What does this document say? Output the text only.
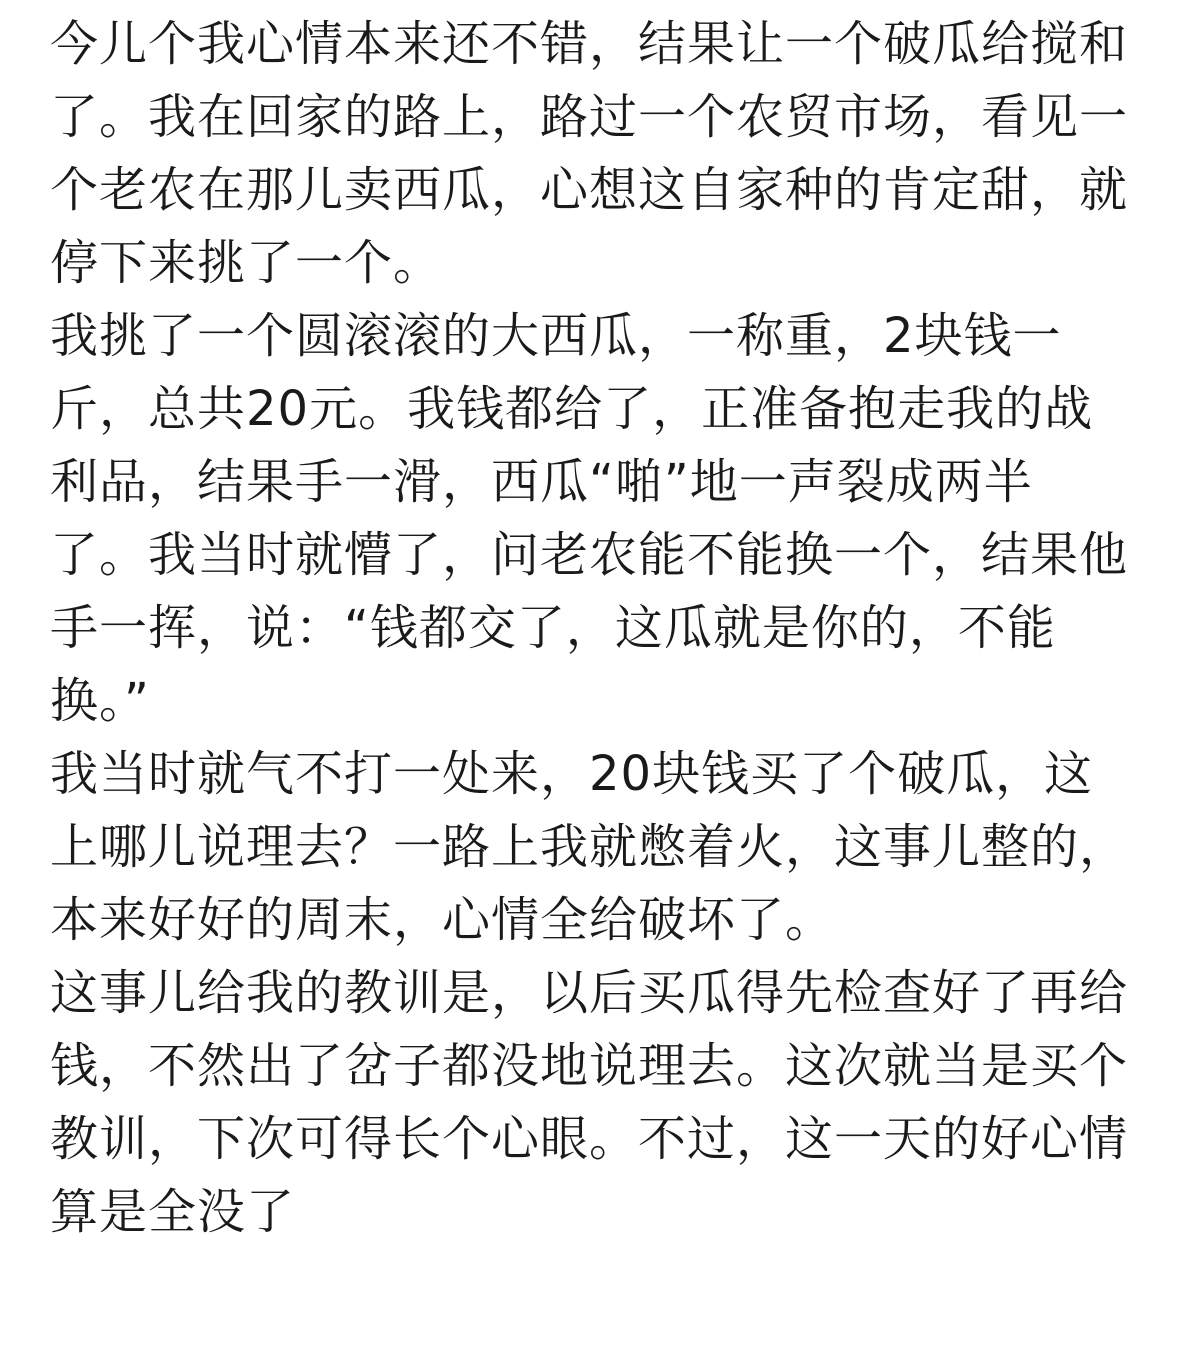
今儿个我心情本来还不错，结果让一个破瓜给搅和
了。我在回家的路上，路过一个农贸市场，看见一
个老农在那儿卖西瓜，心想这自家种的肯定甜，就
停下来挑了一个。

我挑了一个圆滚滚的大西瓜，一称重，2块钱一
斤，总共20元。我钱都给了，正准备抱走我的战
利品，结果手一滑，西瓜“啪”地一声裂成两半
了。我当时就懵了，问老农能不能换一个，结果他
手一挥，说：“钱都交了，这瓜就是你的，不能
换。”

我当时就气不打一处来，20块钱买了个破瓜，这
上哪儿说理去？一路上我就憋着火，这事儿整的，
本来好好的周末，心情全给破坏了。

这事儿给我的教训是，以后买瓜得先检查好了再给
钱，不然出了岔子都没地说理去。这次就当是买个
教训，下次可得长个心眼。不过，这一天的好心情
算是全没了
